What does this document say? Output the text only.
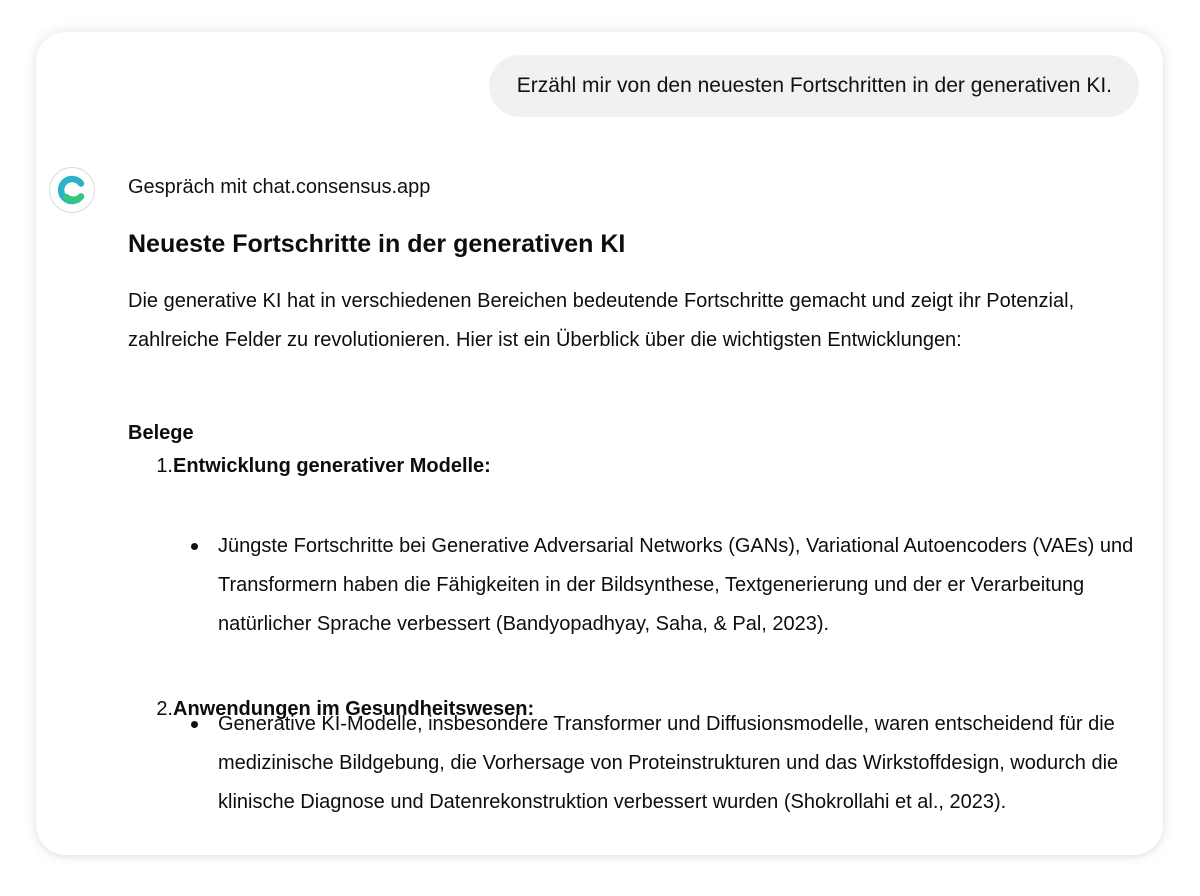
Erzähl mir von den neuesten Fortschritten in der generativen KI.
Gespräch mit chat.consensus.app
Neueste Fortschritte in der generativen KI

Die generative KI hat in verschiedenen Bereichen bedeutende Fortschritte gemacht und zeigt ihr Potenzial, zahlreiche Felder zu revolutionieren. Hier ist ein Überblick über die wichtigsten Entwicklungen:

Belege
1. Entwicklung generativer Modelle:
Jüngste Fortschritte bei Generative Adversarial Networks (GANs), Variational Autoencoders (VAEs) und Transformern haben die Fähigkeiten in der Bildsynthese, Textgenerierung und der er Verarbeitung natürlicher Sprache verbessert (Bandyopadhyay, Saha, & Pal, 2023).
2. Anwendungen im Gesundheitswesen:
Generative KI-Modelle, insbesondere Transformer und Diffusionsmodelle, waren entscheidend für die medizinische Bildgebung, die Vorhersage von Proteinstrukturen und das Wirkstoffdesign, wodurch die klinische Diagnose und Datenrekonstruktion verbessert wurden (Shokrollahi et al., 2023).
